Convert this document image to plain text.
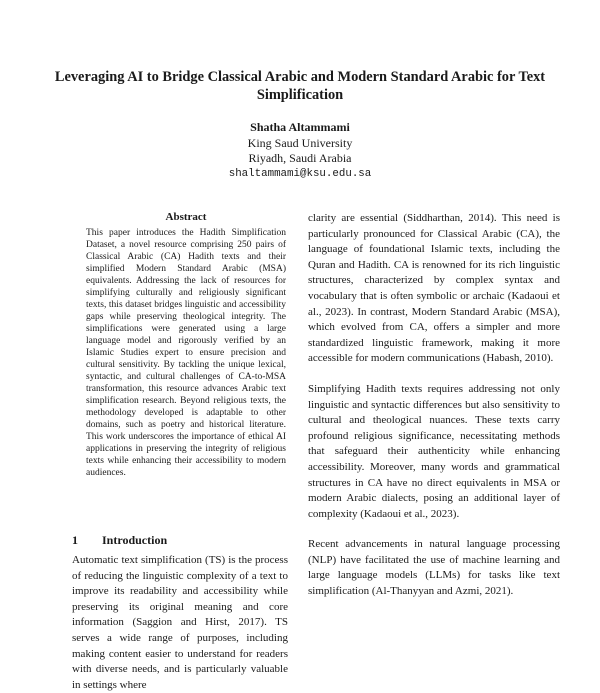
Leveraging AI to Bridge Classical Arabic and Modern Standard Arabic for Text Simplification
Shatha Altammami
King Saud University
Riyadh, Saudi Arabia
shaltammami@ksu.edu.sa
Abstract

This paper introduces the Hadith Simplification Dataset, a novel resource comprising 250 pairs of Classical Arabic (CA) Hadith texts and their simplified Modern Standard Arabic (MSA) equivalents. Addressing the lack of resources for simplifying culturally and religiously significant texts, this dataset bridges linguistic and accessibility gaps while preserving theological integrity. The simplifications were generated using a large language model and rigorously verified by an Islamic Studies expert to ensure precision and cultural sensitivity. By tackling the unique lexical, syntactic, and cultural challenges of CA-to-MSA transformation, this resource advances Arabic text simplification research. Beyond religious texts, the methodology developed is adaptable to other domains, such as poetry and historical literature. This work underscores the importance of ethical AI applications in preserving the integrity of religious texts while enhancing their accessibility to modern audiences.

1 Introduction

Automatic text simplification (TS) is the process of reducing the linguistic complexity of a text to improve its readability and accessibility while preserving its original meaning and core information (Saggion and Hirst, 2017). TS serves a wide range of purposes, including making content easier to understand for readers with diverse needs, and is particularly valuable in settings where

clarity are essential (Siddharthan, 2014). This need is particularly pronounced for Classical Arabic (CA), the language of foundational Islamic texts, including the Quran and Hadith. CA is renowned for its rich linguistic structures, characterized by complex syntax and vocabulary that is often symbolic or archaic (Kadaoui et al., 2023). In contrast, Modern Standard Arabic (MSA), which evolved from CA, offers a simpler and more standardized linguistic framework, making it more accessible for modern communications (Habash, 2010).

Simplifying Hadith texts requires addressing not only linguistic and syntactic differences but also sensitivity to cultural and theological nuances. These texts carry profound religious significance, necessitating methods that safeguard their authenticity while enhancing accessibility. Moreover, many words and grammatical structures in CA have no direct equivalents in MSA or modern Arabic dialects, posing an additional layer of complexity (Kadaoui et al., 2023).

Recent advancements in natural language processing (NLP) have facilitated the use of machine learning and large language models (LLMs) for tasks like text simplification (Al-Thanyyan and Azmi, 2021).
